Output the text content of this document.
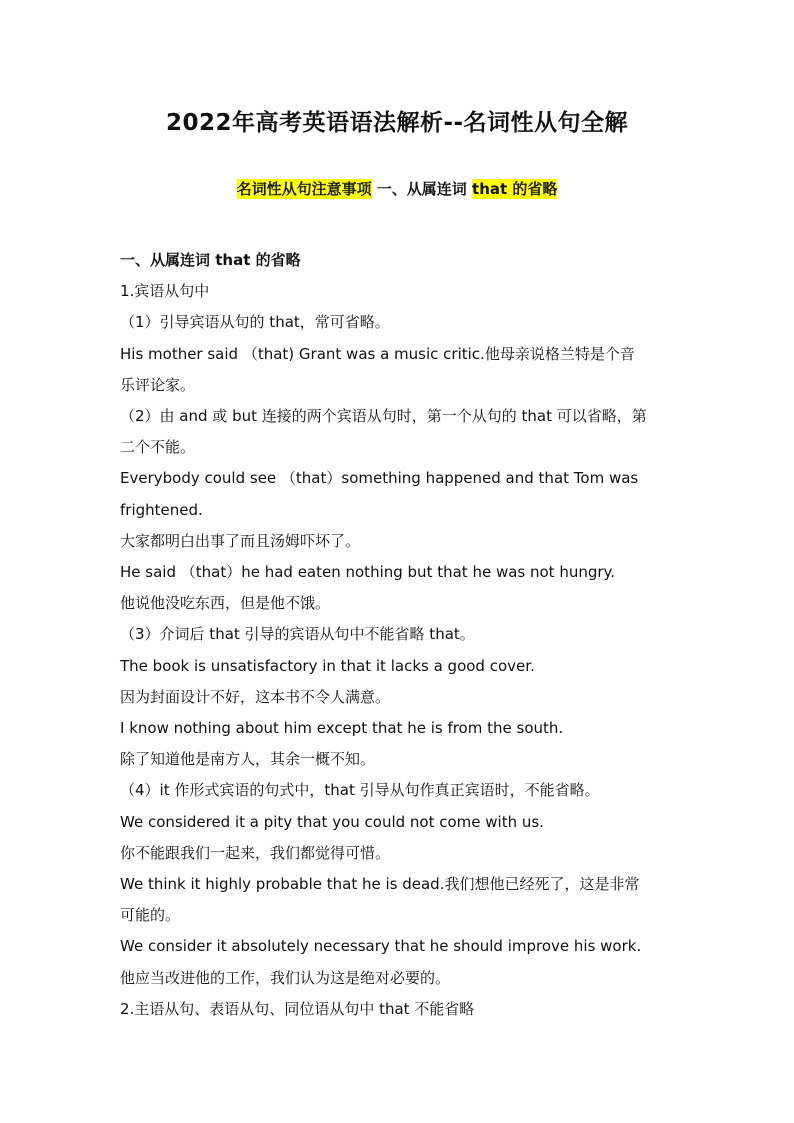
2022年高考英语语法解析--名词性从句全解
名词性从句注意事项 一、从属连词 that 的省略
一、从属连词 that 的省略
1.宾语从句中
（1）引导宾语从句的 that，常可省略。
His mother said （that) Grant was a music critic.他母亲说格兰特是个音
乐评论家。
（2）由 and 或 but 连接的两个宾语从句时，第一个从句的 that 可以省略，第
二个不能。
Everybody could see （that）something happened and that Tom was
frightened.
大家都明白出事了而且汤姆吓坏了。
He said （that）he had eaten nothing but that he was not hungry.
他说他没吃东西，但是他不饿。
（3）介词后 that 引导的宾语从句中不能省略 that。
The book is unsatisfactory in that it lacks a good cover.
因为封面设计不好，这本书不令人满意。
I know nothing about him except that he is from the south.
除了知道他是南方人，其余一概不知。
（4）it 作形式宾语的句式中，that 引导从句作真正宾语时，不能省略。
We considered it a pity that you could not come with us.
你不能跟我们一起来，我们都觉得可惜。
We think it highly probable that he is dead.我们想他已经死了，这是非常
可能的。
We consider it absolutely necessary that he should improve his work.
他应当改进他的工作，我们认为这是绝对必要的。
2.主语从句、表语从句、同位语从句中 that 不能省略
